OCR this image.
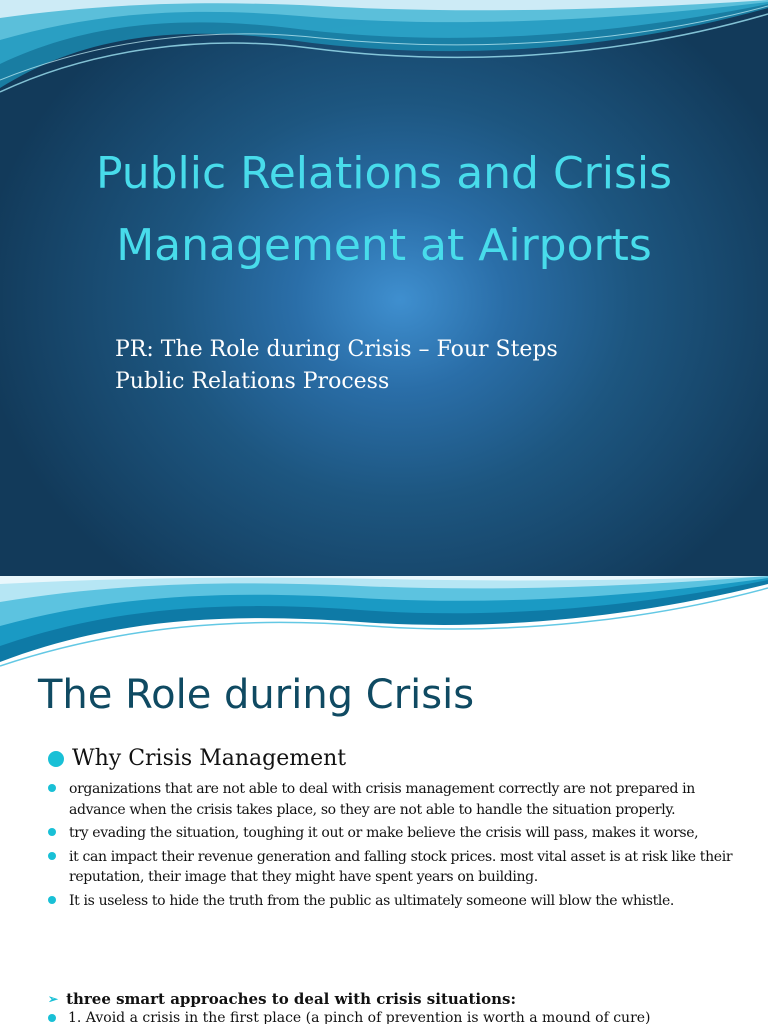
Public Relations and Crisis
Management at Airports
PR: The Role during Crisis – Four Steps
Public Relations Process
The Role during Crisis
Why Crisis Management
organizations that are not able to deal with crisis management correctly are not prepared in advance when the crisis takes place, so they are not able to handle the situation properly.
try evading the situation, toughing it out or make believe the crisis will pass, makes it worse,
it can impact their revenue generation and falling stock prices. most vital asset is at risk like their reputation, their image that they might have spent years on building.
It is useless to hide the truth from the public as ultimately someone will blow the whistle.
➢ three smart approaches to deal with crisis situations:
1. Avoid a crisis in the first place (a pinch of prevention is worth a mound of cure)
